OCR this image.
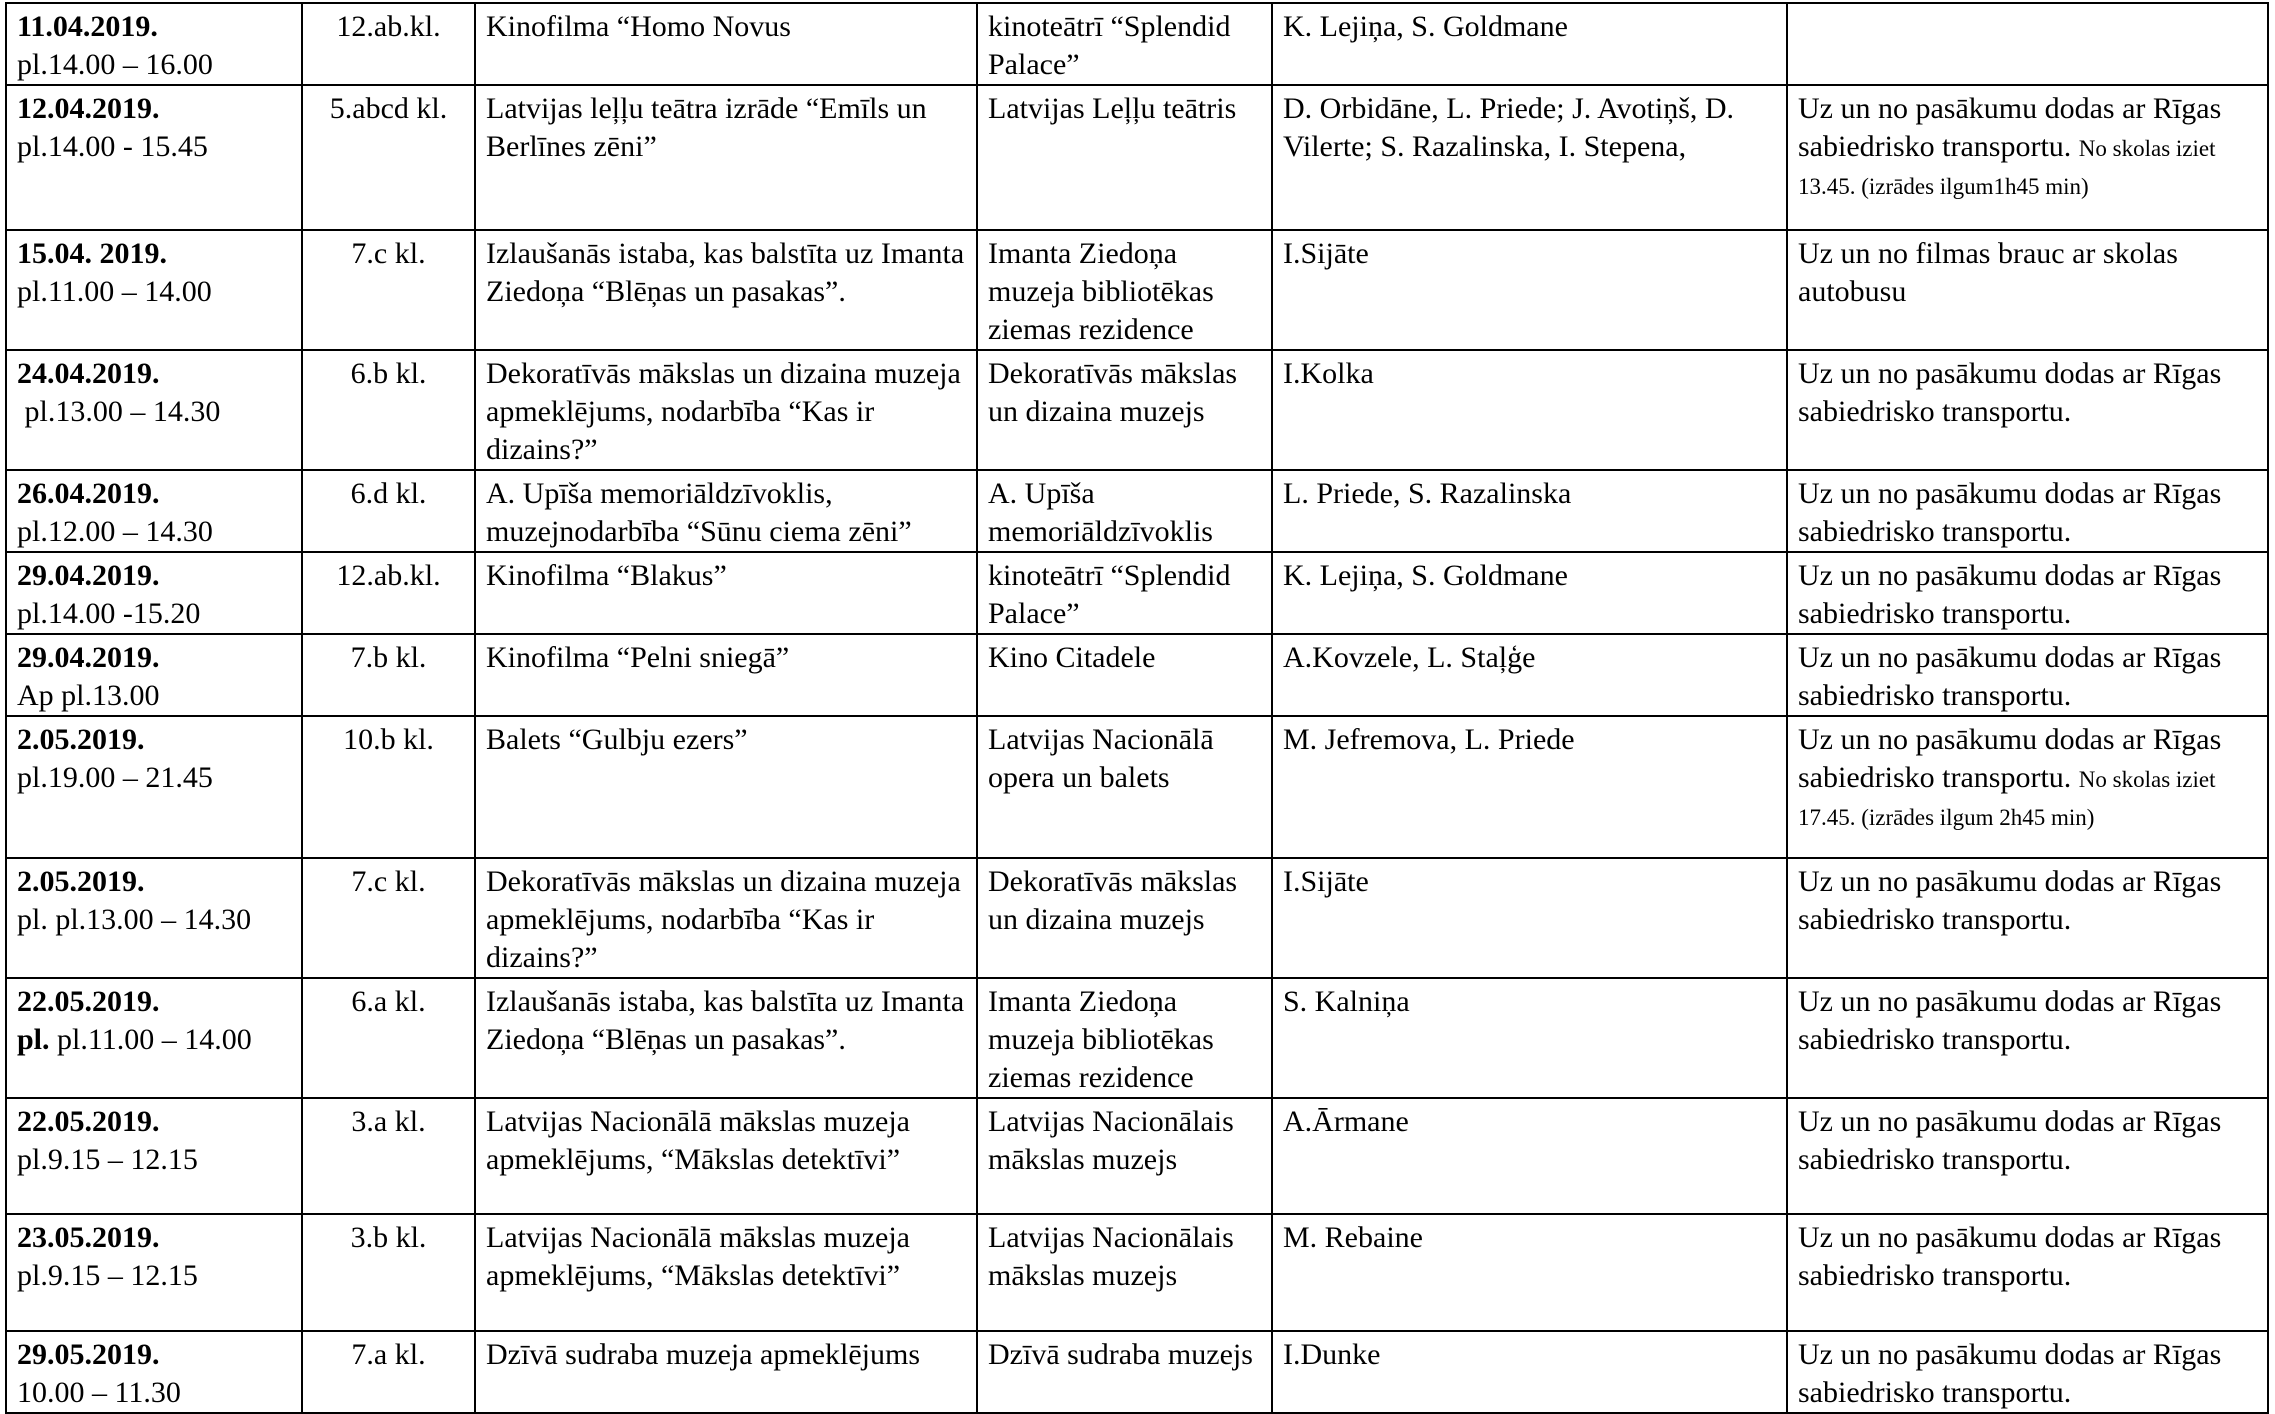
11.04.2019.
pl.14.00 – 16.00	12.ab.kl.	Kinofilma “Homo Novus	kinoteātrī “Splendid Palace”	K. Lejiņa, S. Goldmane	

12.04.2019.
pl.14.00 - 15.45	5.abcd kl.	Latvijas leļļu teātra izrāde “Emīls un Berlīnes zēni”	Latvijas Leļļu teātris	D. Orbidāne, L. Priede; J. Avotiņš, D. Vilerte; S. Razalinska, I. Stepena,	Uz un no pasākumu dodas ar Rīgas sabiedrisko transportu. No skolas iziet 13.45. (izrādes ilgum1h45 min)

15.04. 2019.
pl.11.00 – 14.00	7.c kl.	Izlaušanās istaba, kas balstīta uz Imanta Ziedoņa “Blēņas un pasakas”.	Imanta Ziedoņa muzeja bibliotēkas ziemas rezidence	I.Sijāte	Uz un no filmas brauc ar skolas autobusu

24.04.2019.
pl.13.00 – 14.30	6.b kl.	Dekoratīvās mākslas un dizaina muzeja apmeklējums, nodarbība “Kas ir dizains?”	Dekoratīvās mākslas un dizaina muzejs	I.Kolka	Uz un no pasākumu dodas ar Rīgas sabiedrisko transportu.

26.04.2019.
pl.12.00 – 14.30	6.d kl.	A. Upīša memoriāldzīvoklis, muzejnodarbība “Sūnu ciema zēni”	A. Upīša memoriāldzīvoklis	L. Priede, S. Razalinska	Uz un no pasākumu dodas ar Rīgas sabiedrisko transportu.

29.04.2019.
pl.14.00 -15.20	12.ab.kl.	Kinofilma “Blakus”	kinoteātrī “Splendid Palace”	K. Lejiņa, S. Goldmane	Uz un no pasākumu dodas ar Rīgas sabiedrisko transportu.

29.04.2019.
Ap pl.13.00	7.b kl.	Kinofilma “Pelni sniegā”	Kino Citadele	A.Kovzele, L. Staļģe	Uz un no pasākumu dodas ar Rīgas sabiedrisko transportu.

2.05.2019.
pl.19.00 – 21.45	10.b kl.	Balets “Gulbju ezers”	Latvijas Nacionālā opera un balets	M. Jefremova, L. Priede	Uz un no pasākumu dodas ar Rīgas sabiedrisko transportu. No skolas iziet 17.45. (izrādes ilgum 2h45 min)

2.05.2019.
pl. pl.13.00 – 14.30	7.c kl.	Dekoratīvās mākslas un dizaina muzeja apmeklējums, nodarbība “Kas ir dizains?”	Dekoratīvās mākslas un dizaina muzejs	I.Sijāte	Uz un no pasākumu dodas ar Rīgas sabiedrisko transportu.

22.05.2019.
pl. pl.11.00 – 14.00	6.a kl.	Izlaušanās istaba, kas balstīta uz Imanta Ziedoņa “Blēņas un pasakas”.	Imanta Ziedoņa muzeja bibliotēkas ziemas rezidence	S. Kalniņa	Uz un no pasākumu dodas ar Rīgas sabiedrisko transportu.

22.05.2019.
pl.9.15 – 12.15	3.a kl.	Latvijas Nacionālā mākslas muzeja apmeklējums, “Mākslas detektīvi”	Latvijas Nacionālais mākslas muzejs	A.Ārmane	Uz un no pasākumu dodas ar Rīgas sabiedrisko transportu.

23.05.2019.
pl.9.15 – 12.15	3.b kl.	Latvijas Nacionālā mākslas muzeja apmeklējums, “Mākslas detektīvi”	Latvijas Nacionālais mākslas muzejs	M. Rebaine	Uz un no pasākumu dodas ar Rīgas sabiedrisko transportu.

29.05.2019.
10.00 – 11.30	7.a kl.	Dzīvā sudraba muzeja apmeklējums	Dzīvā sudraba muzejs	I.Dunke	Uz un no pasākumu dodas ar Rīgas sabiedrisko transportu.
